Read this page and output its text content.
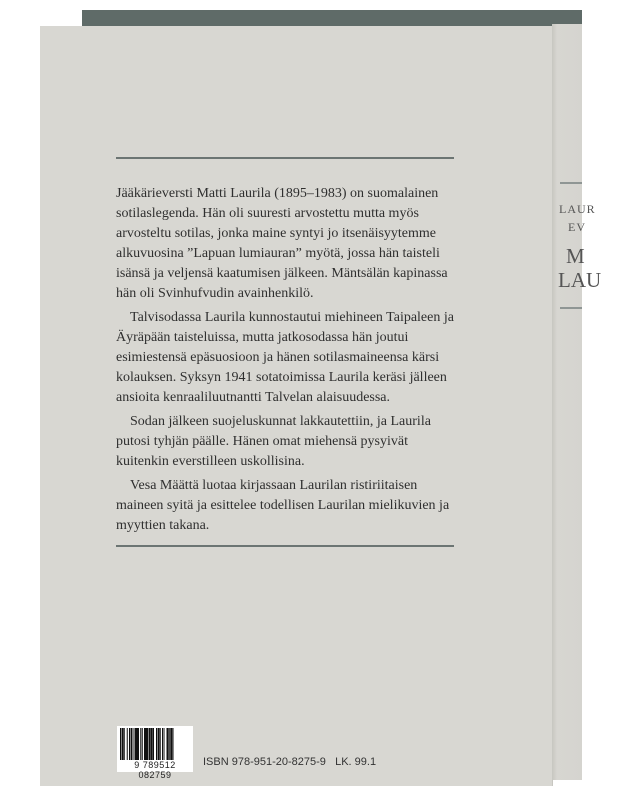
LAUR
EV
M
LAU

Jääkärieversti Matti Laurila (1895–1983) on suomalainen sotilaslegenda. Hän oli suuresti arvostettu mutta myös arvosteltu sotilas, jonka maine syntyi jo itsenäisyytemme alkuvuosina ”Lapuan lumiauran” myötä, jossa hän taisteli isänsä ja veljensä kaatumisen jälkeen. Mäntsälän kapinassa hän oli Svinhufvudin avainhenkilö.

Talvisodassa Laurila kunnostautui miehineen Taipaleen ja Äyräpään taisteluissa, mutta jatkosodassa hän joutui esimiestensä epäsuosioon ja hänen sotilasmaineensa kärsi kolauksen. Syksyn 1941 sotatoimissa Laurila keräsi jälleen ansioita kenraaliluutnantti Talvelan alaisuudessa.

Sodan jälkeen suojeluskunnat lakkautettiin, ja Laurila putosi tyhjän päälle. Hänen omat miehensä pysyivät kuitenkin everstilleen uskollisina.

Vesa Määttä luotaa kirjassaan Laurilan ristiriitaisen maineen syitä ja esittelee todellisen Laurilan mielikuvien ja myyttien takana.

9 789512 082759
ISBN 978-951-20-8275-9   LK. 99.1
